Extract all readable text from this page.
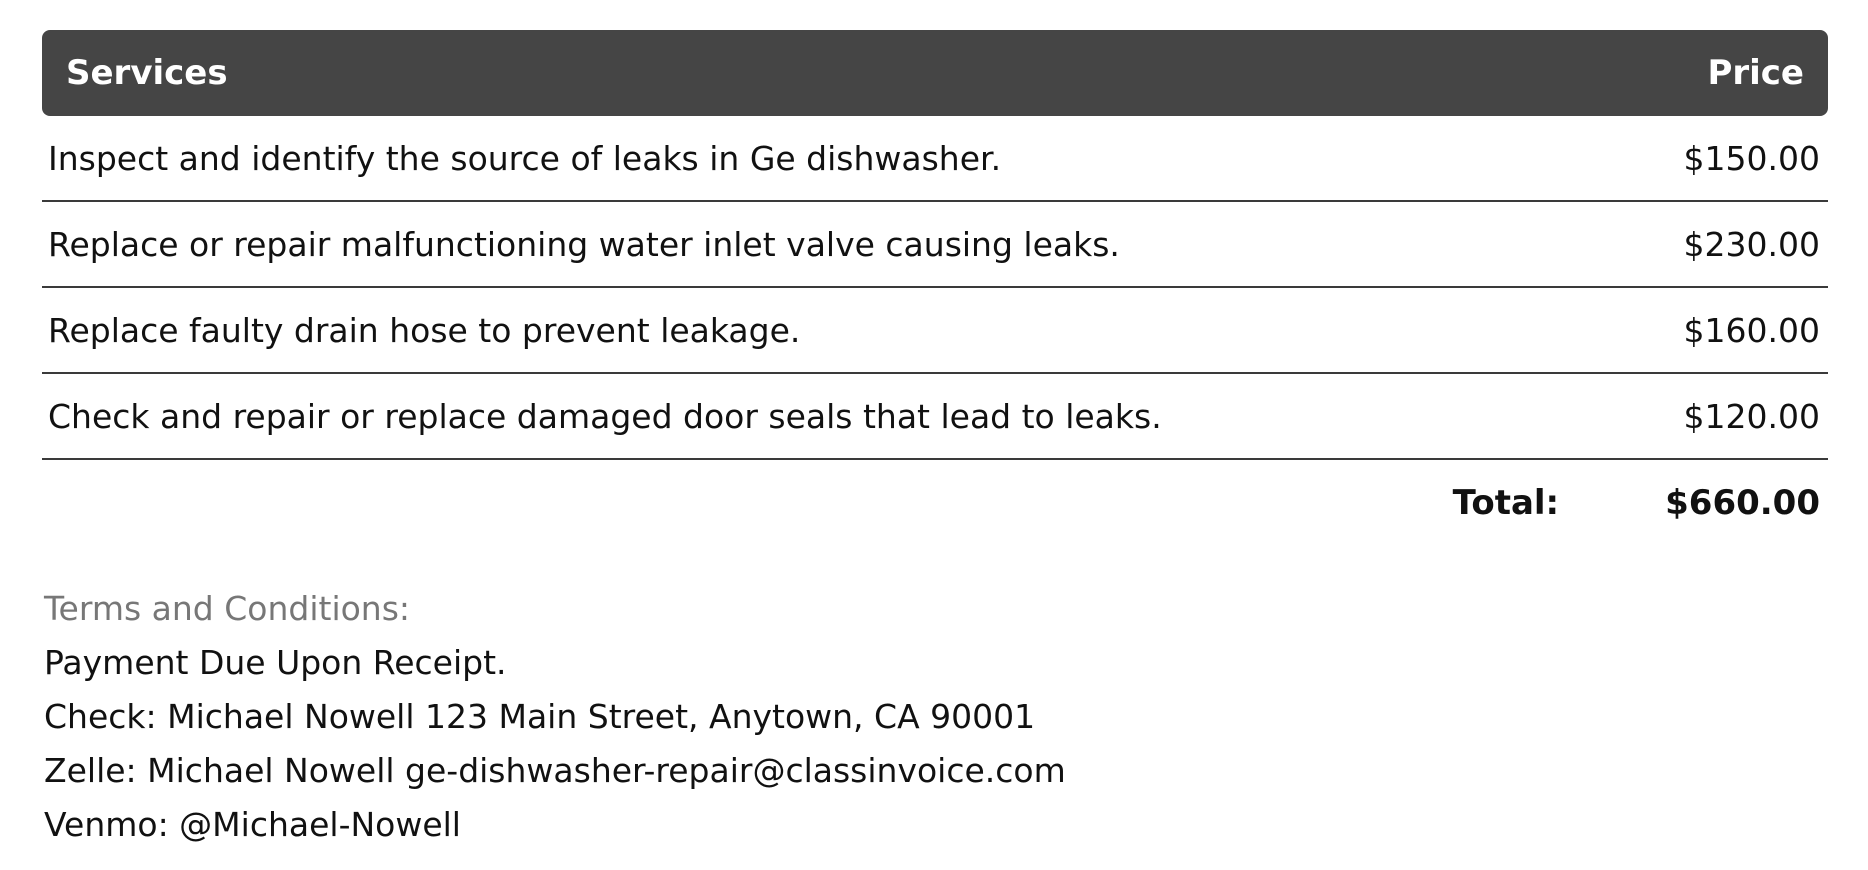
Services	Price
Inspect and identify the source of leaks in Ge dishwasher.	$150.00
Replace or repair malfunctioning water inlet valve causing leaks.	$230.00
Replace faulty drain hose to prevent leakage.	$160.00
Check and repair or replace damaged door seals that lead to leaks.	$120.00
Total:	$660.00
Terms and Conditions:
Payment Due Upon Receipt.
Check: Michael Nowell 123 Main Street, Anytown, CA 90001
Zelle: Michael Nowell ge-dishwasher-repair@classinvoice.com
Venmo: @Michael-Nowell
